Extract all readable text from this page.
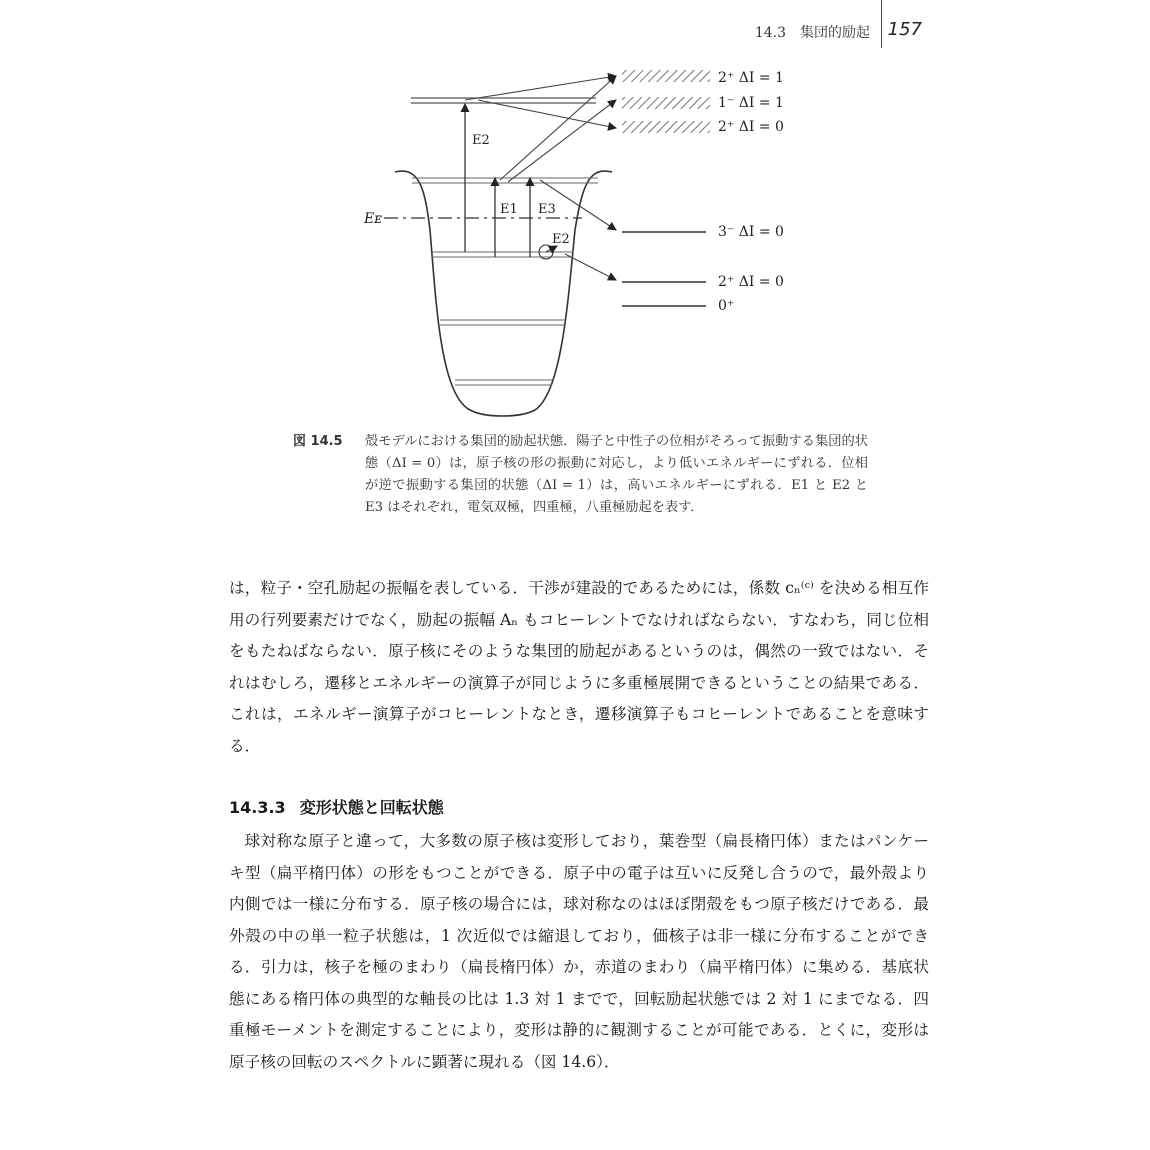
14.3　集団的励起 157
Eᴇ
E2
E1 E3
E2
2⁺ ΔI = 1
1⁻ ΔI = 1
2⁺ ΔI = 0
3⁻ ΔI = 0
2⁺ ΔI = 0
0⁺
図 14.5 殻モデルにおける集団的励起状態．陽子と中性子の位相がそろって振動する集団的状態（ΔI = 0）は，原子核の形の振動に対応し，より低いエネルギーにずれる．位相が逆で振動する集団的状態（ΔI = 1）は，高いエネルギーにずれる．E1 と E2 と E3 はそれぞれ，電気双極，四重極，八重極励起を表す．
は，粒子・空孔励起の振幅を表している．干渉が建設的であるためには，係数 cₙ⁽ᶜ⁾ を決める相互作用の行列要素だけでなく，励起の振幅 Aₙ もコヒーレントでなければならない．すなわち，同じ位相をもたねばならない．原子核にそのような集団的励起があるというのは，偶然の一致ではない．それはむしろ，遷移とエネルギーの演算子が同じように多重極展開できるということの結果である．これは，エネルギー演算子がコヒーレントなとき，遷移演算子もコヒーレントであることを意味する．
14.3.3 変形状態と回転状態
球対称な原子と違って，大多数の原子核は変形しており，葉巻型（扁長楕円体）またはパンケーキ型（扁平楕円体）の形をもつことができる．原子中の電子は互いに反発し合うので，最外殻より内側では一様に分布する．原子核の場合には，球対称なのはほぼ閉殻をもつ原子核だけである．最外殻の中の単一粒子状態は，1 次近似では縮退しており，価核子は非一様に分布することができる．引力は，核子を極のまわり（扁長楕円体）か，赤道のまわり（扁平楕円体）に集める．基底状態にある楕円体の典型的な軸長の比は 1.3 対 1 までで，回転励起状態では 2 対 1 にまでなる．四重極モーメントを測定することにより，変形は静的に観測することが可能である．とくに，変形は原子核の回転のスペクトルに顕著に現れる（図 14.6）．
